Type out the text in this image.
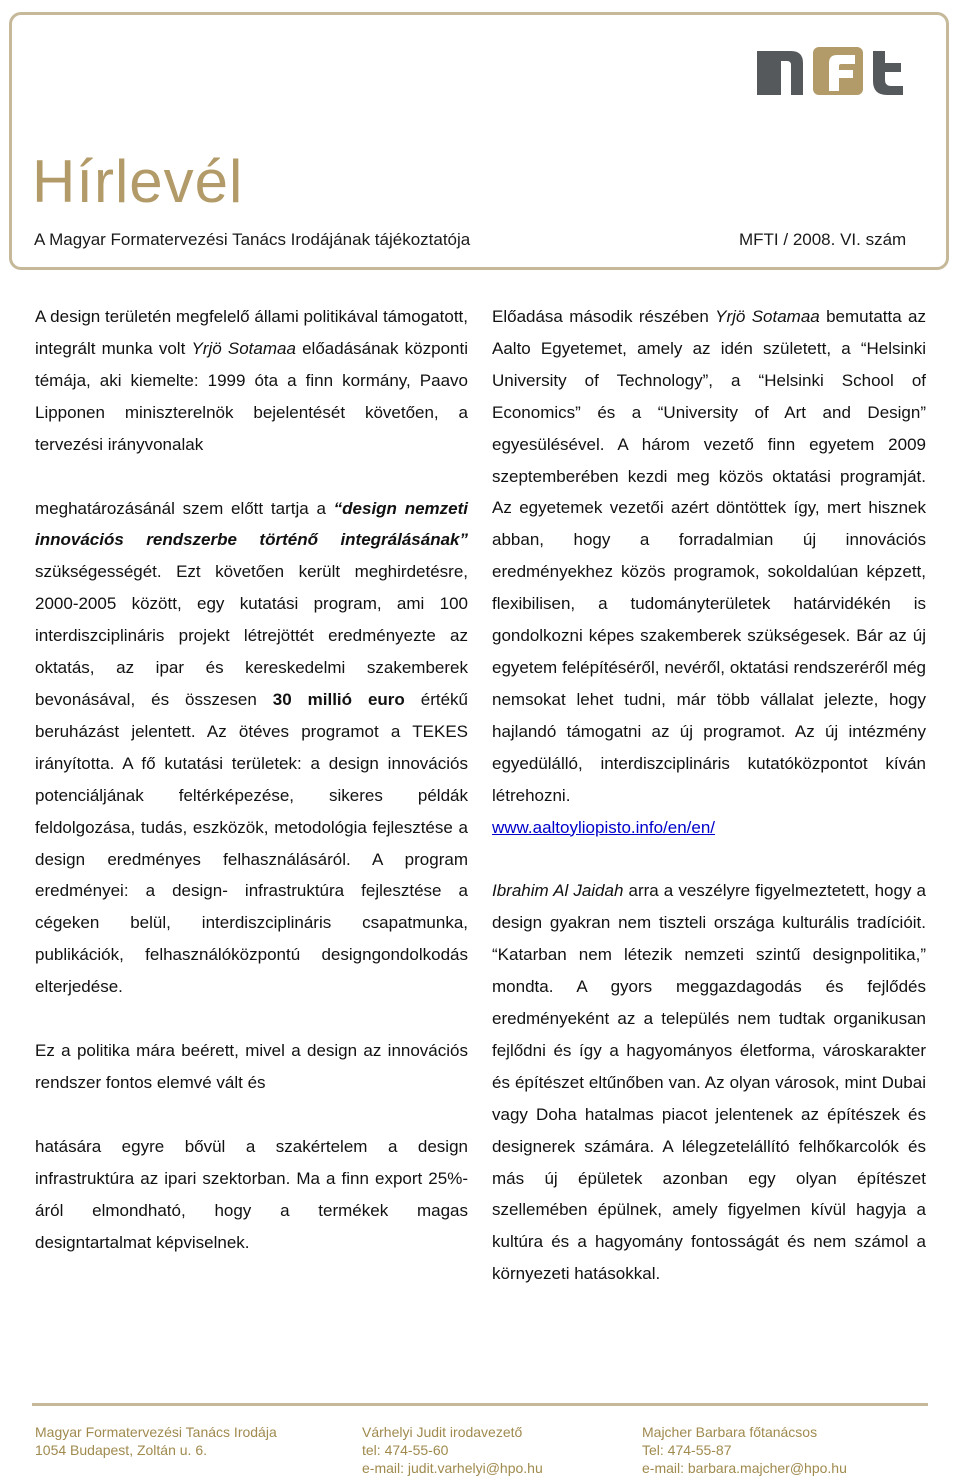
MFT
Hírlevél
A Magyar Formatervezési Tanács Irodájának tájékoztatója	MFTI / 2008. VI. szám

A design területén megfelelő állami politikával támogatott, integrált munka volt Yrjö Sotamaa előadásának központi témája, aki kiemelte: 1999 óta a finn kormány, Paavo Lipponen miniszterelnök bejelentését követően, a tervezési irányvonalak

meghatározásánál szem előtt tartja a “design nemzeti innovációs rendszerbe történő integrálásának” szükségességét. Ezt követően került meghirdetésre, 2000-2005 között, egy kutatási program, ami 100 interdiszciplináris projekt létrejöttét eredményezte az oktatás, az ipar és kereskedelmi szakemberek bevonásával, és összesen 30 millió euro értékű beruházást jelentett. Az ötéves programot a TEKES irányította. A fő kutatási területek: a design innovációs potenciáljának feltérképezése, sikeres példák feldolgozása, tudás, eszközök, metodológia fejlesztése a design eredményes felhasználásáról. A program eredményei: a design- infrastruktúra fejlesztése a cégeken belül, interdiszciplináris csapatmunka, publikációk, felhasználóközpontú designgondolkodás elterjedése.

Ez a politika mára beérett, mivel a design az innovációs rendszer fontos elemvé vált és

hatására egyre bővül a szakértelem a design infrastruktúra az ipari szektorban. Ma a finn export 25%-áról elmondható, hogy a termékek magas designtartalmat képviselnek.

Előadása második részében Yrjö Sotamaa bemutatta az Aalto Egyetemet, amely az idén született, a “Helsinki University of Technology”, a “Helsinki School of Economics” és a “University of Art and Design” egyesülésével. A három vezető finn egyetem 2009 szeptemberében kezdi meg közös oktatási programját. Az egyetemek vezetői azért döntöttek így, mert hisznek abban, hogy a forradalmian új innovációs eredményekhez közös programok, sokoldalúan képzett, flexibilisen, a tudományterületek határvidékén is gondolkozni képes szakemberek szükségesek. Bár az új egyetem felépítéséről, nevéről, oktatási rendszeréről még nemsokat lehet tudni, már több vállalat jelezte, hogy hajlandó támogatni az új programot. Az új intézmény egyedülálló, interdiszciplináris kutatóközpontot kíván létrehozni.

www.aaltoyliopisto.info/en/en/

Ibrahim Al Jaidah arra a veszélyre figyelmeztetett, hogy a design gyakran nem tiszteli országa kulturális tradícióit. “Katarban nem létezik nemzeti szintű designpolitika,” mondta. A gyors meggazdagodás és fejlődés eredményeként az a település nem tudtak organikusan fejlődni és így a hagyományos életforma, városkarakter és építészet eltűnőben van. Az olyan városok, mint Dubai vagy Doha hatalmas piacot jelentenek az építészek és designerek számára. A lélegzetelállító felhőkarcolók és más új épületek azonban egy olyan építészet szellemében épülnek, amely figyelmen kívül hagyja a kultúra és a hagyomány fontosságát és nem számol a környezeti hatásokkal.

Magyar Formatervezési Tanács Irodája
1054 Budapest, Zoltán u. 6.
Várhelyi Judit irodavezető
tel: 474-55-60
e-mail: judit.varhelyi@hpo.hu
Majcher Barbara főtanácsos
Tel: 474-55-87
e-mail: barbara.majcher@hpo.hu
